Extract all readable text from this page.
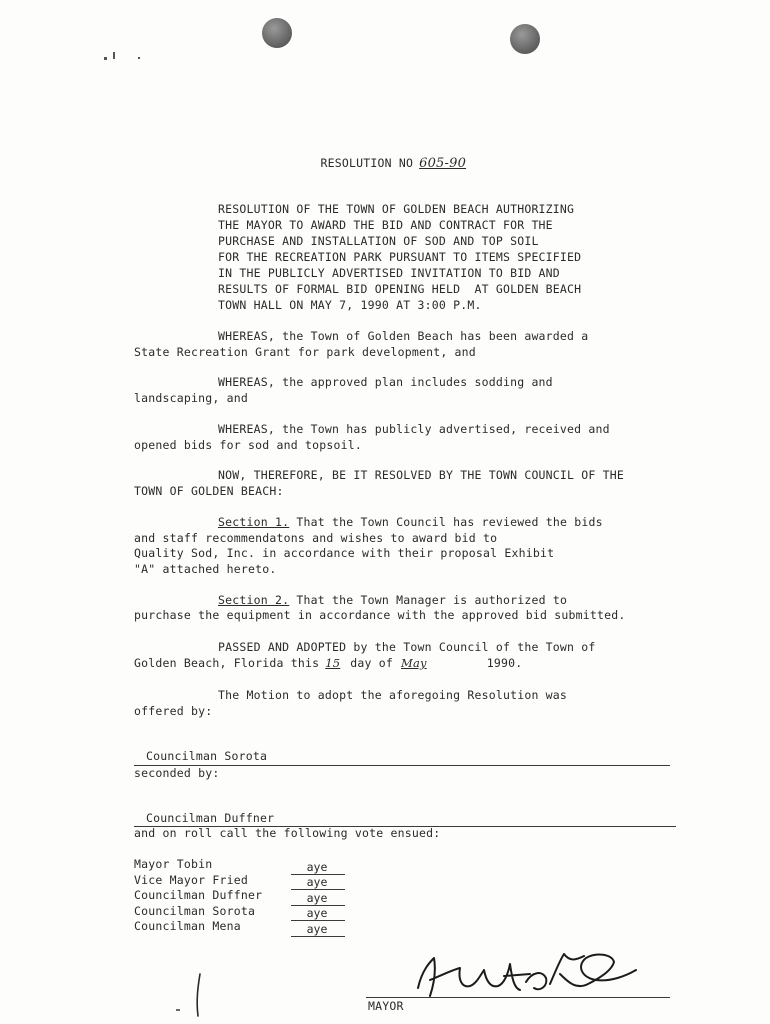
RESOLUTION NO 605-90

RESOLUTION OF THE TOWN OF GOLDEN BEACH AUTHORIZING
THE MAYOR TO AWARD THE BID AND CONTRACT FOR THE
PURCHASE AND INSTALLATION OF SOD AND TOP SOIL
FOR THE RECREATION PARK PURSUANT TO ITEMS SPECIFIED
IN THE PUBLICLY ADVERTISED INVITATION TO BID AND
RESULTS OF FORMAL BID OPENING HELD  AT GOLDEN BEACH
TOWN HALL ON MAY 7, 1990 AT 3:00 P.M.
WHEREAS, the Town of Golden Beach has been awarded a
State Recreation Grant for park development, and
WHEREAS, the approved plan includes sodding and
landscaping, and
WHEREAS, the Town has publicly advertised, received and
opened bids for sod and topsoil.
NOW, THEREFORE, BE IT RESOLVED BY THE TOWN COUNCIL OF THE
TOWN OF GOLDEN BEACH:
Section 1. That the Town Council has reviewed the bids
and staff recommendatons and wishes to award bid to
Quality Sod, Inc. in accordance with their proposal Exhibit
"A" attached hereto.
Section 2. That the Town Manager is authorized to
purchase the equipment in accordance with the approved bid submitted.
PASSED AND ADOPTED by the Town Council of the Town of
Golden Beach, Florida this 15 day of May	1990.
The Motion to adopt the aforegoing Resolution was
offered by:
Councilman Sorota
seconded by:
Councilman Duffner
and on roll call the following vote ensued:
Mayor Tobin	aye
Vice Mayor Fried	aye
Councilman Duffner	aye
Councilman Sorota	aye
Councilman Mena	aye
MAYOR
